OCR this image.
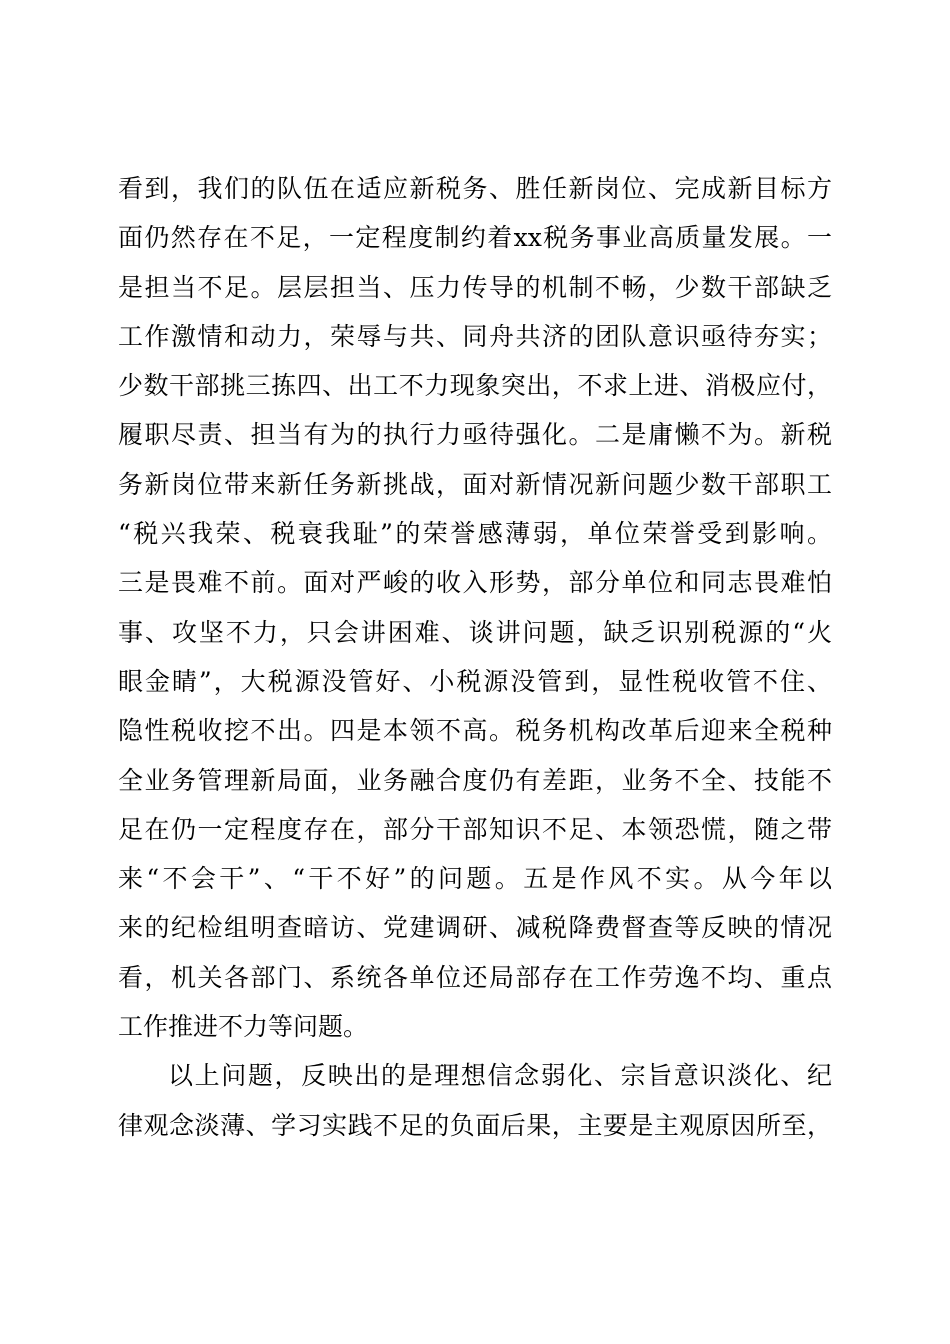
看到，我们的队伍在适应新税务、胜任新岗位、完成新目标方
面仍然存在不足，一定程度制约着xx税务事业高质量发展。一
是担当不足。层层担当、压力传导的机制不畅，少数干部缺乏
工作激情和动力，荣辱与共、同舟共济的团队意识亟待夯实；
少数干部挑三拣四、出工不力现象突出，不求上进、消极应付，
履职尽责、担当有为的执行力亟待强化。二是庸懒不为。新税
务新岗位带来新任务新挑战，面对新情况新问题少数干部职工
“税兴我荣、税衰我耻”的荣誉感薄弱，单位荣誉受到影响。
三是畏难不前。面对严峻的收入形势，部分单位和同志畏难怕
事、攻坚不力，只会讲困难、谈讲问题，缺乏识别税源的“火
眼金睛”，大税源没管好、小税源没管到，显性税收管不住、
隐性税收挖不出。四是本领不高。税务机构改革后迎来全税种
全业务管理新局面，业务融合度仍有差距，业务不全、技能不
足在仍一定程度存在，部分干部知识不足、本领恐慌，随之带
来“不会干”、“干不好”的问题。五是作风不实。从今年以
来的纪检组明查暗访、党建调研、减税降费督查等反映的情况
看，机关各部门、系统各单位还局部存在工作劳逸不均、重点
工作推进不力等问题。
以上问题，反映出的是理想信念弱化、宗旨意识淡化、纪
律观念淡薄、学习实践不足的负面后果，主要是主观原因所至，
